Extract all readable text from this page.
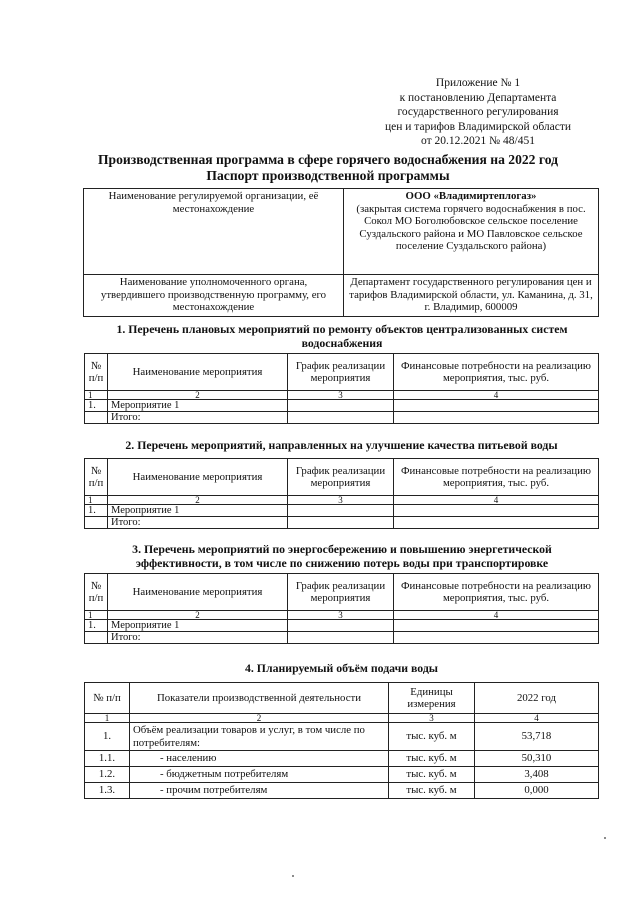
Приложение № 1
к постановлению Департамента
государственного регулирования
цен и тарифов Владимирской области
от 20.12.2021 № 48/451
Производственная программа в сфере горячего водоснабжения на 2022 год
Паспорт производственной программы
Наименование регулируемой организации, её местонахождение	ООО «Владимиртеплогаз»
(закрытая система горячего водоснабжения в пос. Сокол МО Боголюбовское сельское поселение Суздальского района и МО Павловское сельское поселение Суздальского района)

Наименование уполномоченного органа, утвердившего производственную программу, его местонахождение	Департамент государственного регулирования цен и тарифов Владимирской области, ул. Каманина, д. 31, г. Владимир, 600009
1. Перечень плановых мероприятий по ремонту объектов централизованных систем водоснабжения
№ п/п	Наименование мероприятия	График реализации мероприятия	Финансовые потребности на реализацию мероприятия, тыс. руб.
1	2	3	4
1.	Мероприятие 1		
	Итого:		
2. Перечень мероприятий, направленных на улучшение качества питьевой воды
№ п/п	Наименование мероприятия	График реализации мероприятия	Финансовые потребности на реализацию мероприятия, тыс. руб.
1	2	3	4
1.	Мероприятие 1		
	Итого:		
3. Перечень мероприятий по энергосбережению и повышению энергетической эффективности, в том числе по снижению потерь воды при транспортировке
№ п/п	Наименование мероприятия	График реализации мероприятия	Финансовые потребности на реализацию мероприятия, тыс. руб.
1	2	3	4
1.	Мероприятие 1		
	Итого:		
4. Планируемый объём подачи воды
№ п/п	Показатели производственной деятельности	Единицы измерения	2022 год
1	2	3	4
1.	Объём реализации товаров и услуг, в том числе по потребителям:	тыс. куб. м	53,718
1.1.	- населению	тыс. куб. м	50,310
1.2.	- бюджетным потребителям	тыс. куб. м	3,408
1.3.	- прочим потребителям	тыс. куб. м	0,000
